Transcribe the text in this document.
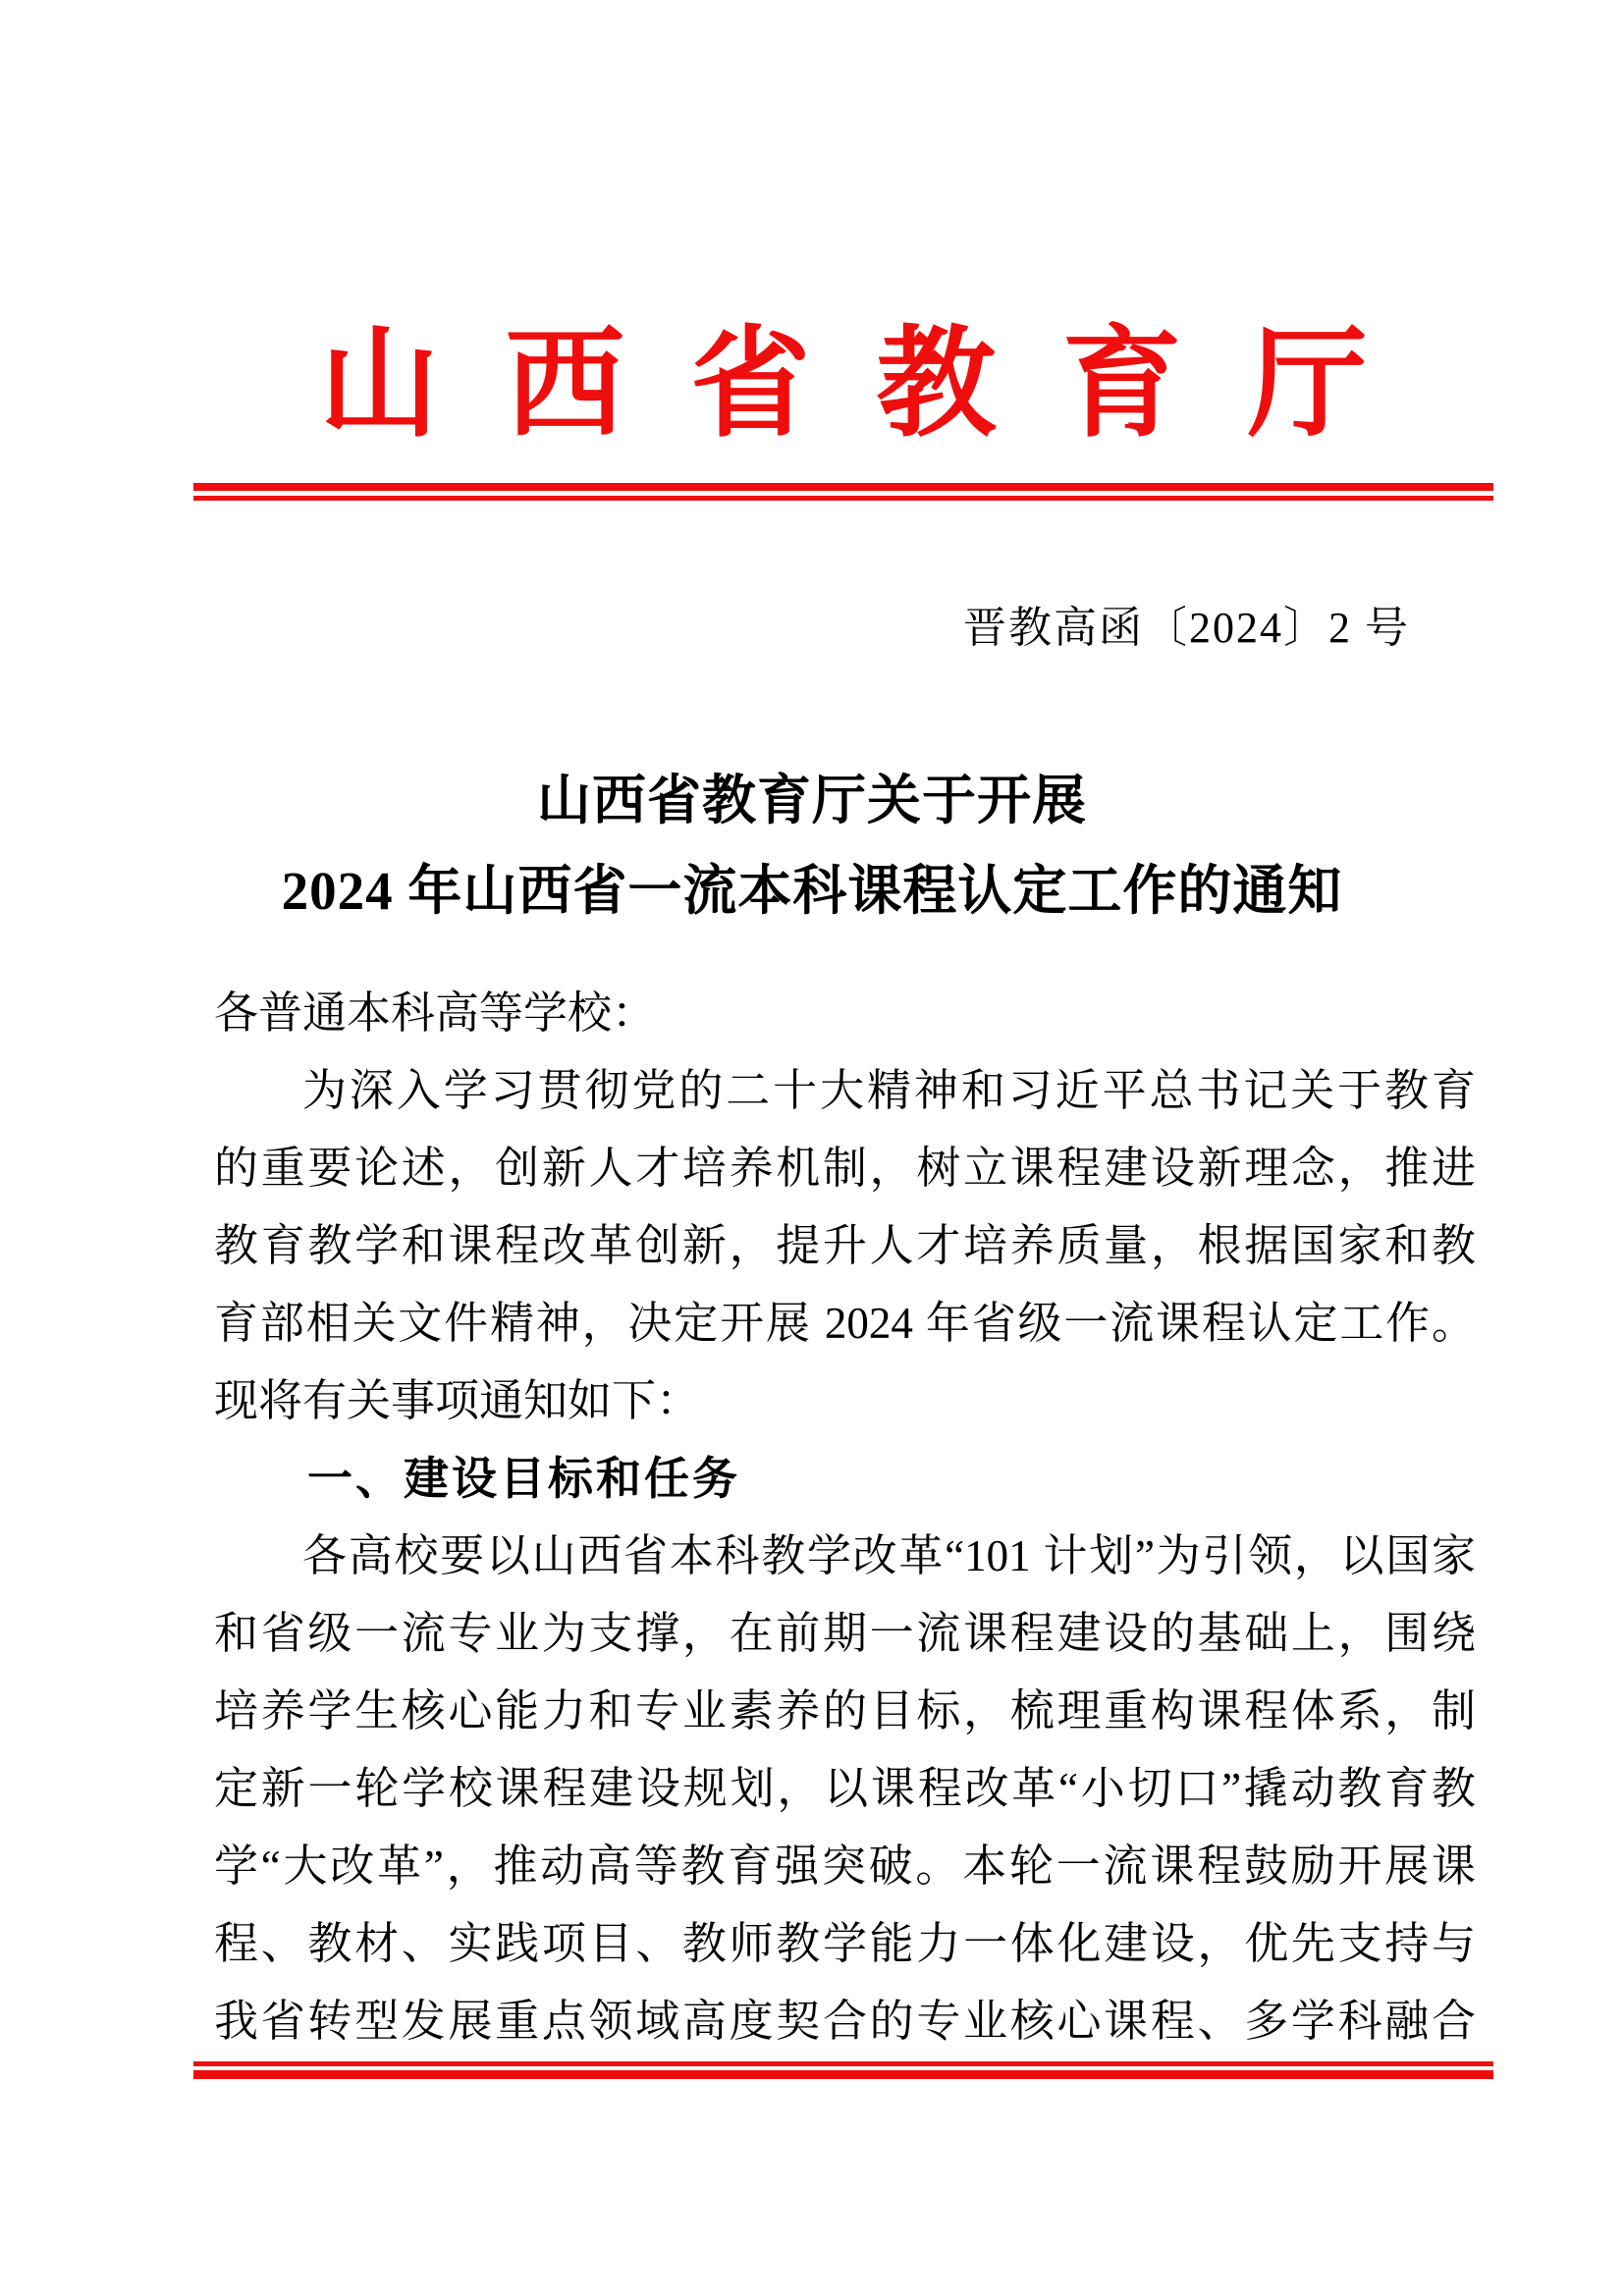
山西省教育厅
晋教高函〔2024〕2 号
山西省教育厅关于开展
2024 年山西省一流本科课程认定工作的通知
各普通本科高等学校：
为深入学习贯彻党的二十大精神和习近平总书记关于教育
的重要论述，创新人才培养机制，树立课程建设新理念，推进
教育教学和课程改革创新，提升人才培养质量，根据国家和教
育部相关文件精神，决定开展 2024 年省级一流课程认定工作。
现将有关事项通知如下：
一、建设目标和任务
各高校要以山西省本科教学改革“101 计划”为引领，以国家
和省级一流专业为支撑，在前期一流课程建设的基础上，围绕
培养学生核心能力和专业素养的目标，梳理重构课程体系，制
定新一轮学校课程建设规划，以课程改革“小切口”撬动教育教
学“大改革”，推动高等教育强突破。本轮一流课程鼓励开展课
程、教材、实践项目、教师教学能力一体化建设，优先支持与
我省转型发展重点领域高度契合的专业核心课程、多学科融合
